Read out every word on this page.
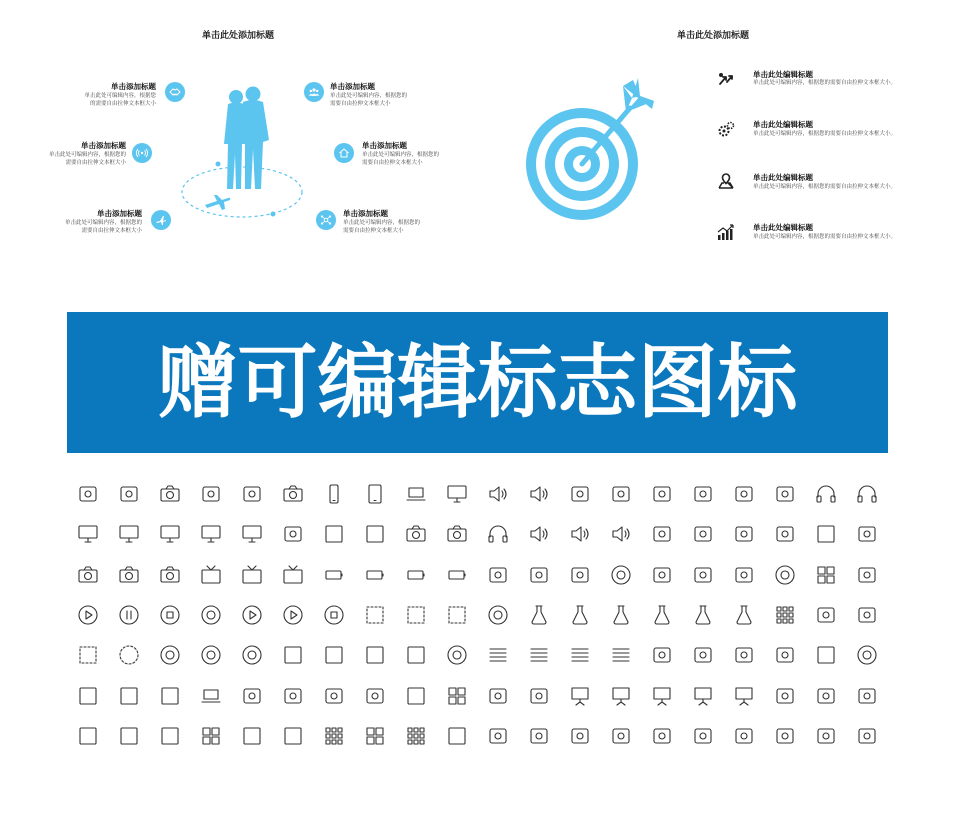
单击此处添加标题
单击添加标题
单击此处可编辑内容，根据您的需要自由拉伸文本框大小
单击添加标题
单击此处可编辑内容，根据您的需要自由拉伸文本框大小
单击添加标题
单击此处可编辑内容，根据您的需要自由拉伸文本框大小
单击添加标题
单击此处可编辑内容，根据您的需要自由拉伸文本框大小
单击添加标题
单击此处可编辑内容，根据您的需要自由拉伸文本框大小
单击添加标题
单击此处可编辑内容，根据您的需要自由拉伸文本框大小
单击此处添加标题
单击此处编辑标题
单击此处可编辑内容，根据您的需要自由拉伸文本框大小。
单击此处编辑标题
单击此处可编辑内容，根据您的需要自由拉伸文本框大小。
单击此处编辑标题
单击此处可编辑内容，根据您的需要自由拉伸文本框大小。
单击此处编辑标题
单击此处可编辑内容，根据您的需要自由拉伸文本框大小。
赠可编辑标志图标
